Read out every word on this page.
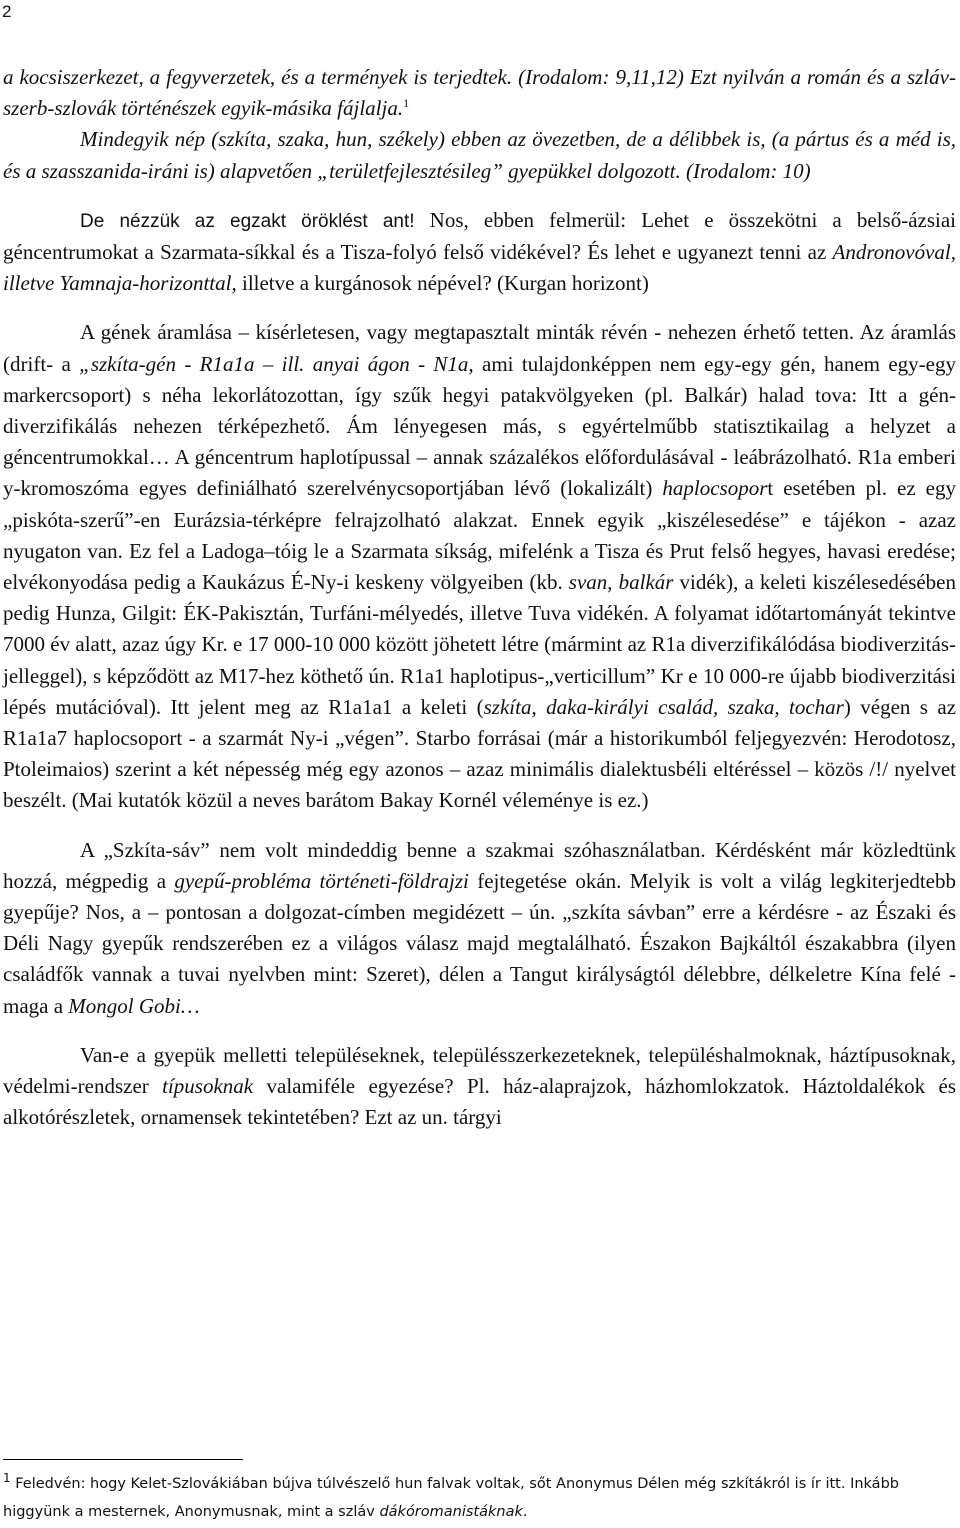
2

a kocsiszerkezet, a fegyverzetek, és a termények is terjedtek. (Irodalom: 9,11,12) Ezt nyilván a román és a szláv-szerb-szlovák történészek egyik-másika fájlalja.$^1$

Mindegyik nép (szkíta, szaka, hun, székely) ebben az övezetben, de a délibbek is, (a pártus és a méd is, és a szasszanida-iráni is) alapvetően „területfejlesztésileg” gyepükkel dolgozott. (Irodalom: 10)

De nézzük az egzakt öröklést ant! Nos, ebben felmerül: Lehet e összekötni a belső-ázsiai géncentrumokat a Szarmata-síkkal és a Tisza-folyó felső vidékével? És lehet e ugyanezt tenni az Andronovóval, illetve Yamnaja-horizonttal, illetve a kurgánosok népével? (Kurgan horizont)

A gének áramlása – kísérletesen, vagy megtapasztalt minták révén - nehezen érhető tetten. Az áramlás (drift- a „szkíta-gén - R1a1a – ill. anyai ágon - N1a, ami tulajdonképpen nem egy-egy gén, hanem egy-egy markercsoport) s néha lekorlátozottan, így szűk hegyi patakvölgyeken (pl. Balkár) halad tova: Itt a gén-diverzifikálás nehezen térképezhető. Ám lényegesen más, s egyértelműbb statisztikailag a helyzet a géncentrumokkal… A géncentrum haplotípussal – annak százalékos előfordulásával - leábrázolható. R1a emberi y-kromoszóma egyes definiálható szerelvénycsoportjában lévő (lokalizált) haplocsoport esetében pl. ez egy „piskóta-szerű”-en Eurázsia-térképre felrajzolható alakzat. Ennek egyik „kiszélesedése” e tájékon - azaz nyugaton van. Ez fel a Ladoga–tóig le a Szarmata síkság, mifelénk a Tisza és Prut felső hegyes, havasi eredése; elvékonyodása pedig a Kaukázus É-Ny-i keskeny völgyeiben (kb. svan, balkár vidék), a keleti kiszélesedésében pedig Hunza, Gilgit: ÉK-Pakisztán, Turfáni-mélyedés, illetve Tuva vidékén. A folyamat időtartományát tekintve 7000 év alatt, azaz úgy Kr. e 17 000-10 000 között jöhetett létre (mármint az R1a diverzifikálódása biodiverzitás-jelleggel), s képződött az M17-hez köthető ún. R1a1 haplotipus-„verticillum” Kr e 10 000-re újabb biodiverzitási lépés mutációval). Itt jelent meg az R1a1a1 a keleti (szkíta, daka-királyi család, szaka, tochar) végen s az R1a1a7 haplocsoport - a szarmát Ny-i „végen”. Starbo forrásai (már a historikumból feljegyezvén: Herodotosz, Ptoleimaios) szerint a két népesség még egy azonos – azaz minimális dialektusbéli eltéréssel – közös /!/ nyelvet beszélt. (Mai kutatók közül a neves barátom Bakay Kornél véleménye is ez.)

A „Szkíta-sáv” nem volt mindeddig benne a szakmai szóhasználatban. Kérdésként már közledtünk hozzá, mégpedig a gyepű-probléma történeti-földrajzi fejtegetése okán. Melyik is volt a világ legkiterjedtebb gyepűje? Nos, a – pontosan a dolgozat-címben megidézett – ún. „szkíta sávban” erre a kérdésre - az Északi és Déli Nagy gyepűk rendszerében ez a világos válasz majd megtalálható. Északon Bajkáltól északabbra (ilyen családfők vannak a tuvai nyelvben mint: Szeret), délen a Tangut királyságtól délebbre, délkeletre Kína felé - maga a Mongol Gobi…

Van-e a gyepük melletti településeknek, településszerkezeteknek, településhalmoknak, háztípusoknak, védelmi-rendszer típusoknak valamiféle egyezése? Pl. ház-alaprajzok, házhomlokzatok. Háztoldalékok és alkotórészletek, ornamensek tekintetében? Ezt az un. tárgyi

$^1$ Feledvén: hogy Kelet-Szlovákiában bújva túlvészelő hun falvak voltak, sőt Anonymus Délen még szkítákról is ír itt. Inkább higgyünk a mesternek, Anonymusnak, mint a szláv dákóromanistáknak.
